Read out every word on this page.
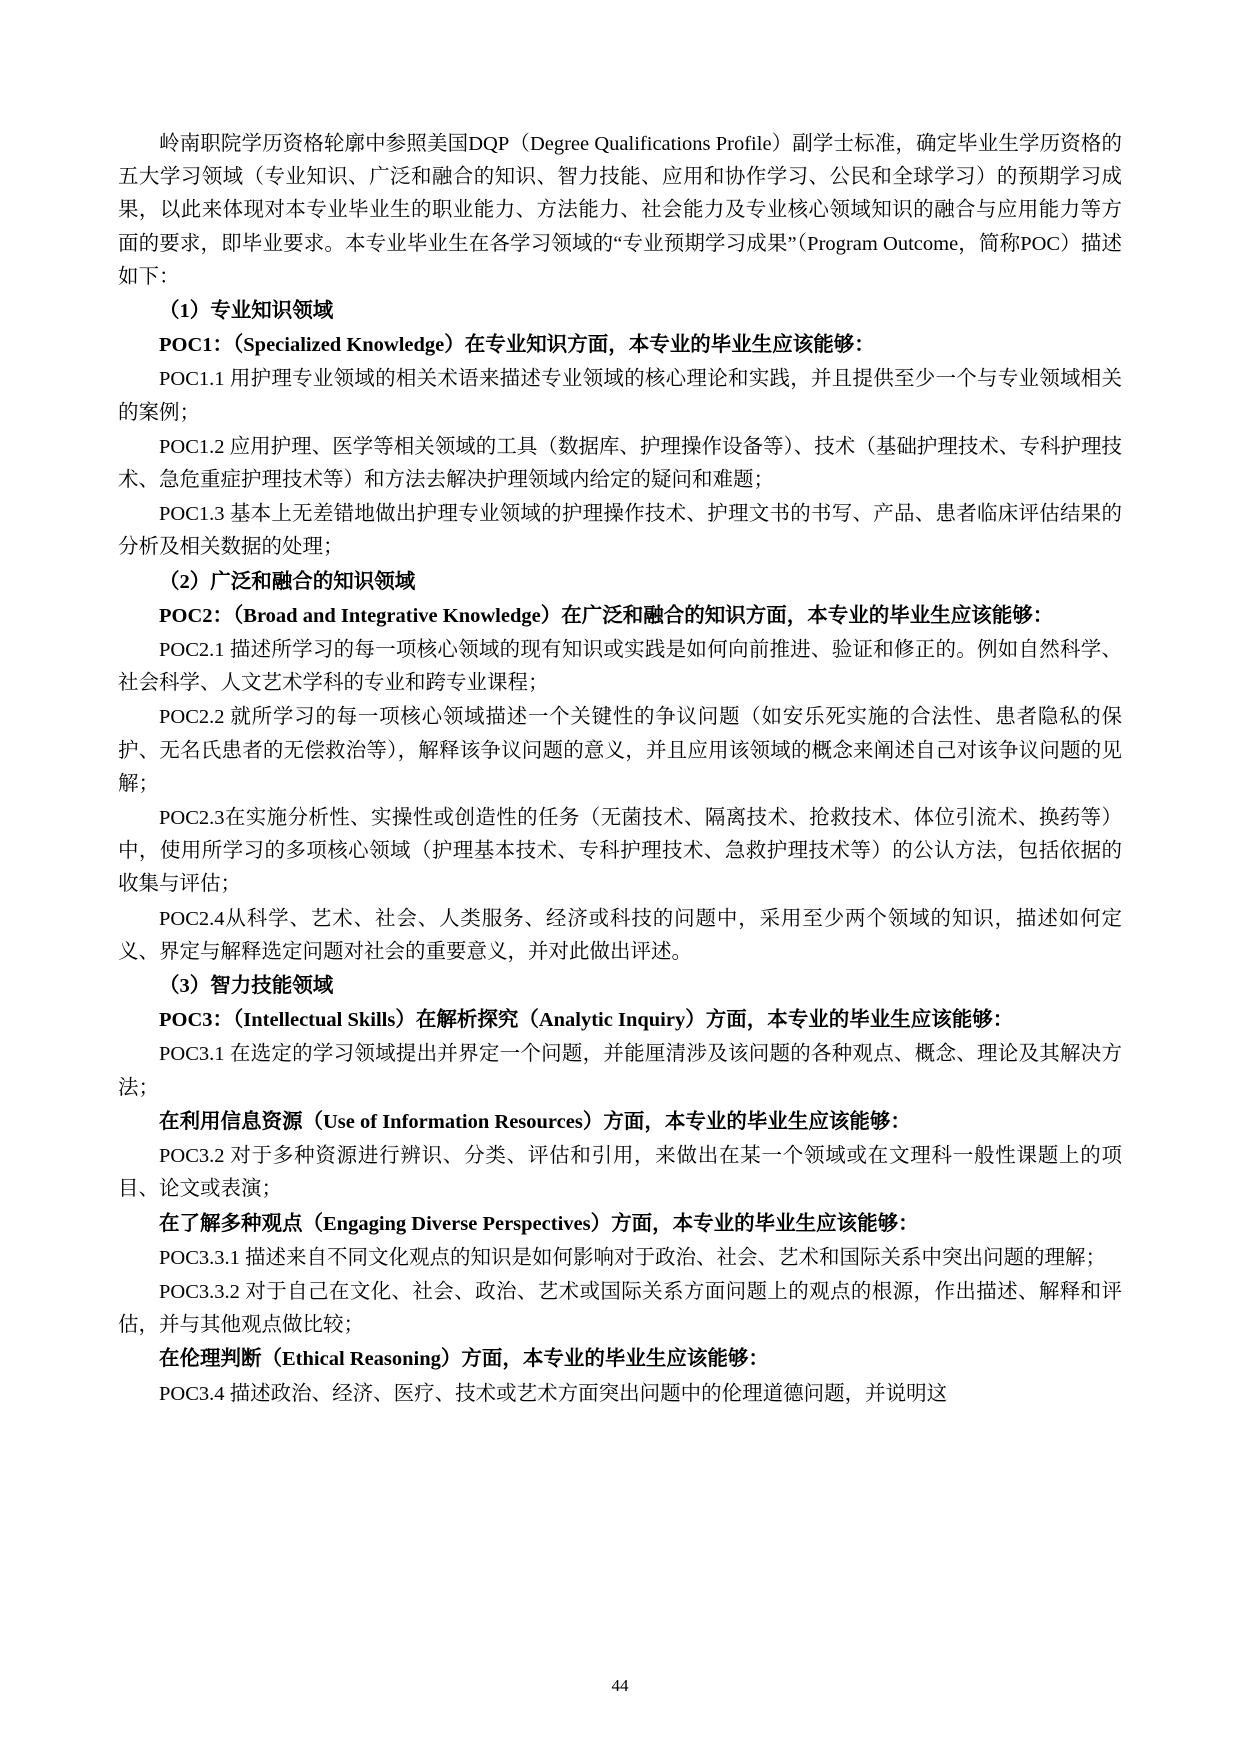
岭南职院学历资格轮廓中参照美国DQP（Degree Qualifications Profile）副学士标准，确定毕业生学历资格的五大学习领域（专业知识、广泛和融合的知识、智力技能、应用和协作学习、公民和全球学习）的预期学习成果，以此来体现对本专业毕业生的职业能力、方法能力、社会能力及专业核心领域知识的融合与应用能力等方面的要求，即毕业要求。本专业毕业生在各学习领域的“专业预期学习成果”（Program Outcome，简称POC）描述如下：

（1）专业知识领域

POC1：（Specialized Knowledge）在专业知识方面，本专业的毕业生应该能够：

POC1.1 用护理专业领域的相关术语来描述专业领域的核心理论和实践，并且提供至少一个与专业领域相关的案例；

POC1.2 应用护理、医学等相关领域的工具（数据库、护理操作设备等）、技术（基础护理技术、专科护理技术、急危重症护理技术等）和方法去解决护理领域内给定的疑问和难题；

POC1.3 基本上无差错地做出护理专业领域的护理操作技术、护理文书的书写、产品、患者临床评估结果的分析及相关数据的处理；

（2）广泛和融合的知识领域

POC2：（Broad and Integrative Knowledge）在广泛和融合的知识方面，本专业的毕业生应该能够：

POC2.1 描述所学习的每一项核心领域的现有知识或实践是如何向前推进、验证和修正的。例如自然科学、社会科学、人文艺术学科的专业和跨专业课程；

POC2.2 就所学习的每一项核心领域描述一个关键性的争议问题（如安乐死实施的合法性、患者隐私的保护、无名氏患者的无偿救治等），解释该争议问题的意义，并且应用该领域的概念来阐述自己对该争议问题的见解；

POC2.3在实施分析性、实操性或创造性的任务（无菌技术、隔离技术、抢救技术、体位引流术、换药等）中，使用所学习的多项核心领域（护理基本技术、专科护理技术、急救护理技术等）的公认方法，包括依据的收集与评估；

POC2.4从科学、艺术、社会、人类服务、经济或科技的问题中，采用至少两个领域的知识，描述如何定义、界定与解释选定问题对社会的重要意义，并对此做出评述。

（3）智力技能领域

POC3：（Intellectual Skills）在解析探究（Analytic Inquiry）方面，本专业的毕业生应该能够：

POC3.1 在选定的学习领域提出并界定一个问题，并能厘清涉及该问题的各种观点、概念、理论及其解决方法；

在利用信息资源（Use of Information Resources）方面，本专业的毕业生应该能够：

POC3.2 对于多种资源进行辨识、分类、评估和引用，来做出在某一个领域或在文理科一般性课题上的项目、论文或表演；

在了解多种观点（Engaging Diverse Perspectives）方面，本专业的毕业生应该能够：

POC3.3.1 描述来自不同文化观点的知识是如何影响对于政治、社会、艺术和国际关系中突出问题的理解；

POC3.3.2 对于自己在文化、社会、政治、艺术或国际关系方面问题上的观点的根源，作出描述、解释和评估，并与其他观点做比较；

在伦理判断（Ethical Reasoning）方面，本专业的毕业生应该能够：

POC3.4 描述政治、经济、医疗、技术或艺术方面突出问题中的伦理道德问题，并说明这

44
